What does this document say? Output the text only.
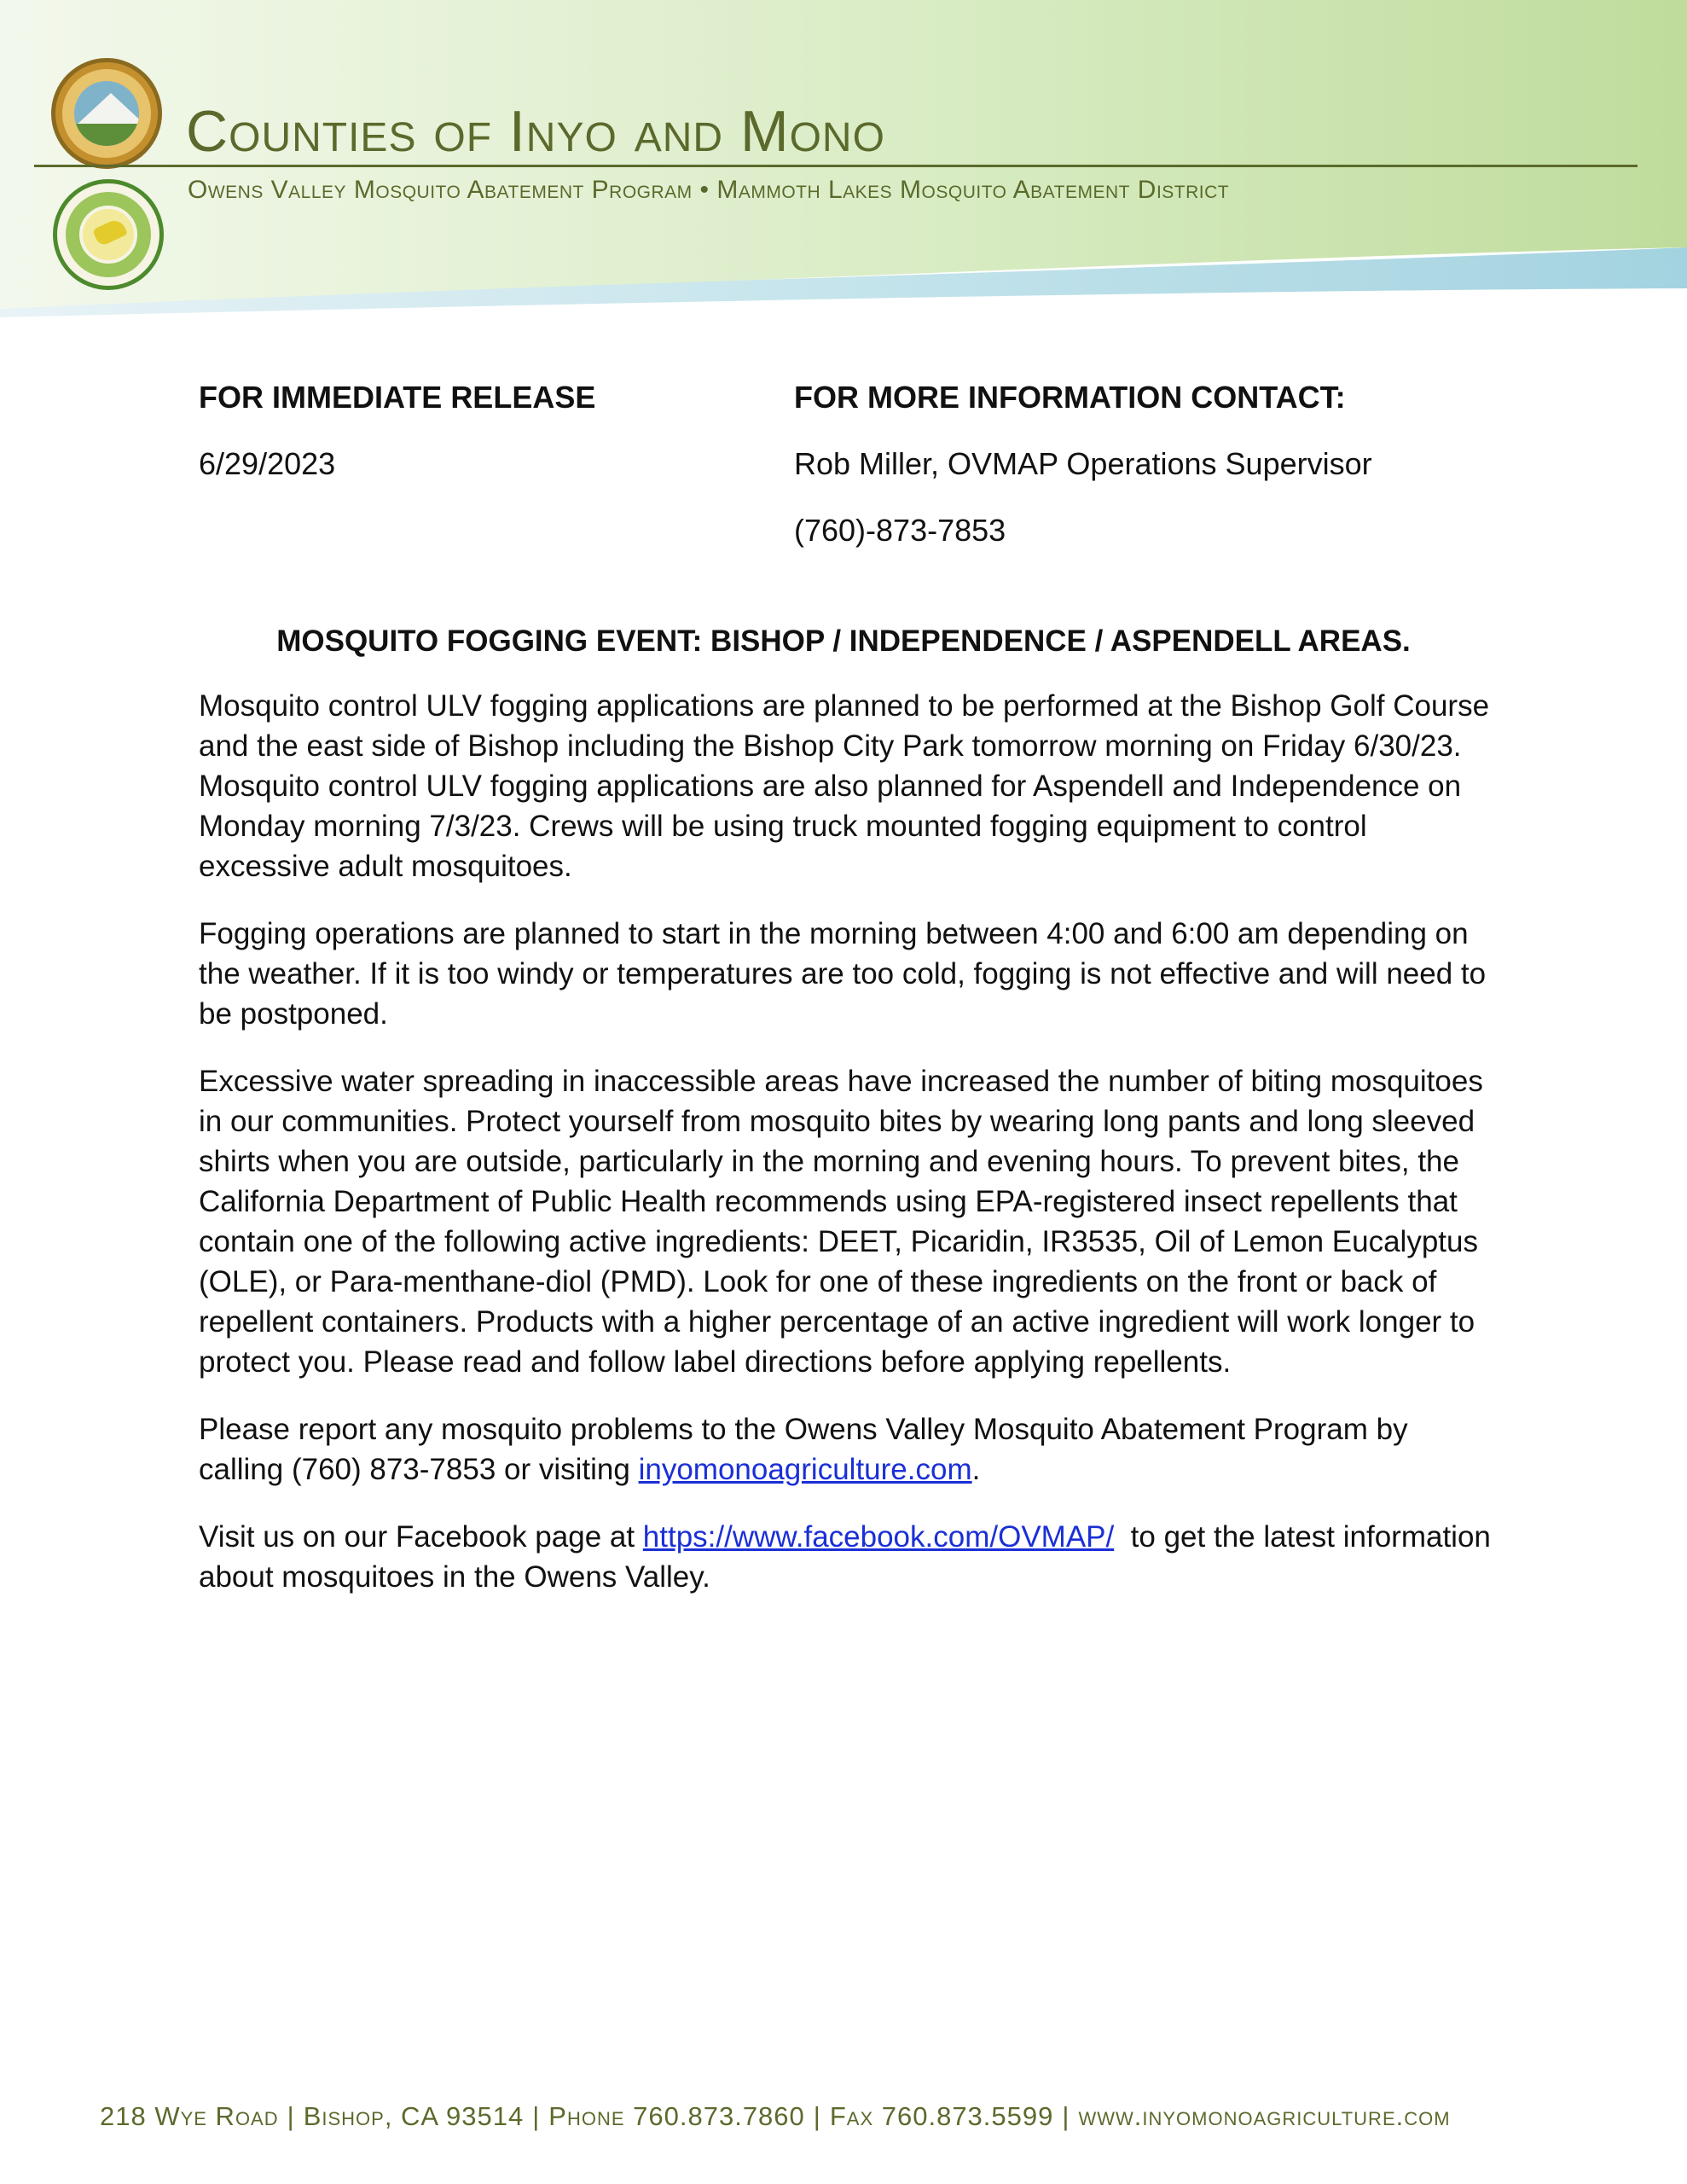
Counties of Inyo and Mono
Owens Valley Mosquito Abatement Program • Mammoth Lakes Mosquito Abatement District

FOR IMMEDIATE RELEASE

6/29/2023

FOR MORE INFORMATION CONTACT:

Rob Miller, OVMAP Operations Supervisor

(760)-873-7853

MOSQUITO FOGGING EVENT: BISHOP / INDEPENDENCE / ASPENDELL AREAS.

Mosquito control ULV fogging applications are planned to be performed at the Bishop Golf Course and the east side of Bishop including the Bishop City Park tomorrow morning on Friday 6/30/23. Mosquito control ULV fogging applications are also planned for Aspendell and Independence on Monday morning 7/3/23. Crews will be using truck mounted fogging equipment to control excessive adult mosquitoes.

Fogging operations are planned to start in the morning between 4:00 and 6:00 am depending on the weather. If it is too windy or temperatures are too cold, fogging is not effective and will need to be postponed.

Excessive water spreading in inaccessible areas have increased the number of biting mosquitoes in our communities. Protect yourself from mosquito bites by wearing long pants and long sleeved shirts when you are outside, particularly in the morning and evening hours. To prevent bites, the California Department of Public Health recommends using EPA-registered insect repellents that contain one of the following active ingredients: DEET, Picaridin, IR3535, Oil of Lemon Eucalyptus (OLE), or Para-menthane-diol (PMD). Look for one of these ingredients on the front or back of repellent containers. Products with a higher percentage of an active ingredient will work longer to protect you. Please read and follow label directions before applying repellents.

Please report any mosquito problems to the Owens Valley Mosquito Abatement Program by calling (760) 873-7853 or visiting inyomonoagriculture.com.

Visit us on our Facebook page at https://www.facebook.com/OVMAP/  to get the latest information about mosquitoes in the Owens Valley.

218 Wye Road | Bishop, CA 93514 | Phone 760.873.7860 | Fax 760.873.5599 | www.inyomonoagriculture.com
